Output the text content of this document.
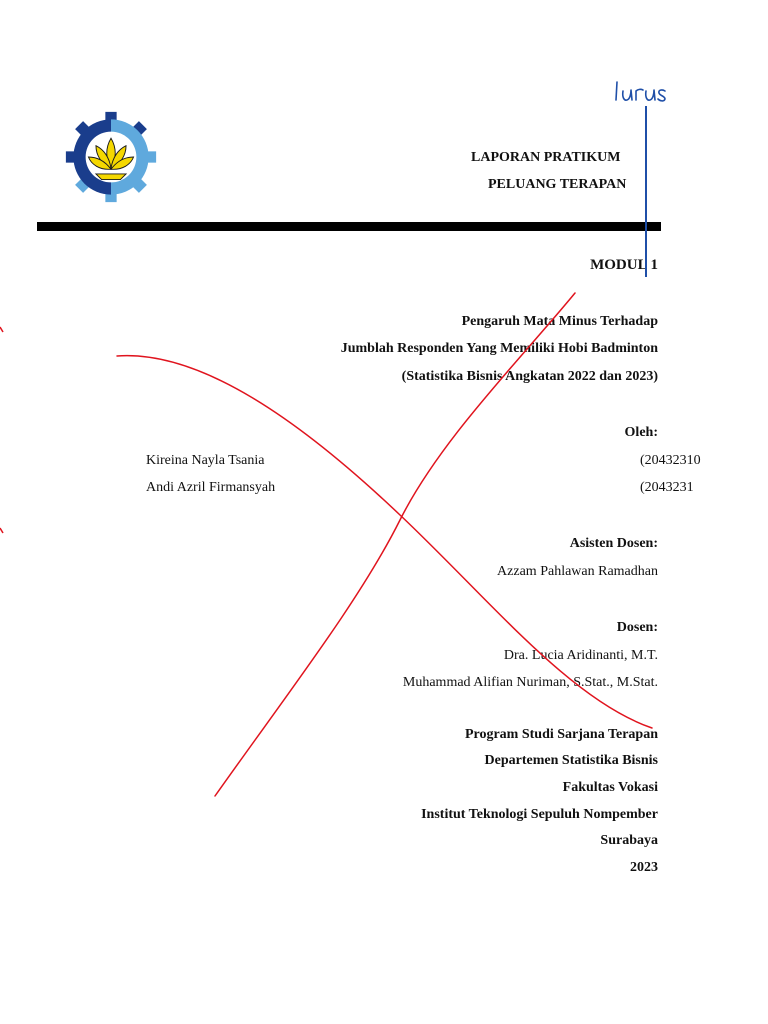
LAPORAN PRATIKUM
PELUANG TERAPAN
MODUL 1
Pengaruh Mata Minus Terhadap
Jumblah Responden Yang Memiliki Hobi Badminton
(Statistika Bisnis Angkatan 2022 dan 2023)
Oleh:
Kireina Nayla Tsania	(20432310
Andi Azril Firmansyah	(2043231
Asisten Dosen:
Azzam Pahlawan Ramadhan
Dosen:
Dra. Lucia Aridinanti, M.T.
Muhammad Alifian Nuriman, S.Stat., M.Stat.
Program Studi Sarjana Terapan
Departemen Statistika Bisnis
Fakultas Vokasi
Institut Teknologi Sepuluh Nompember
Surabaya
2023
